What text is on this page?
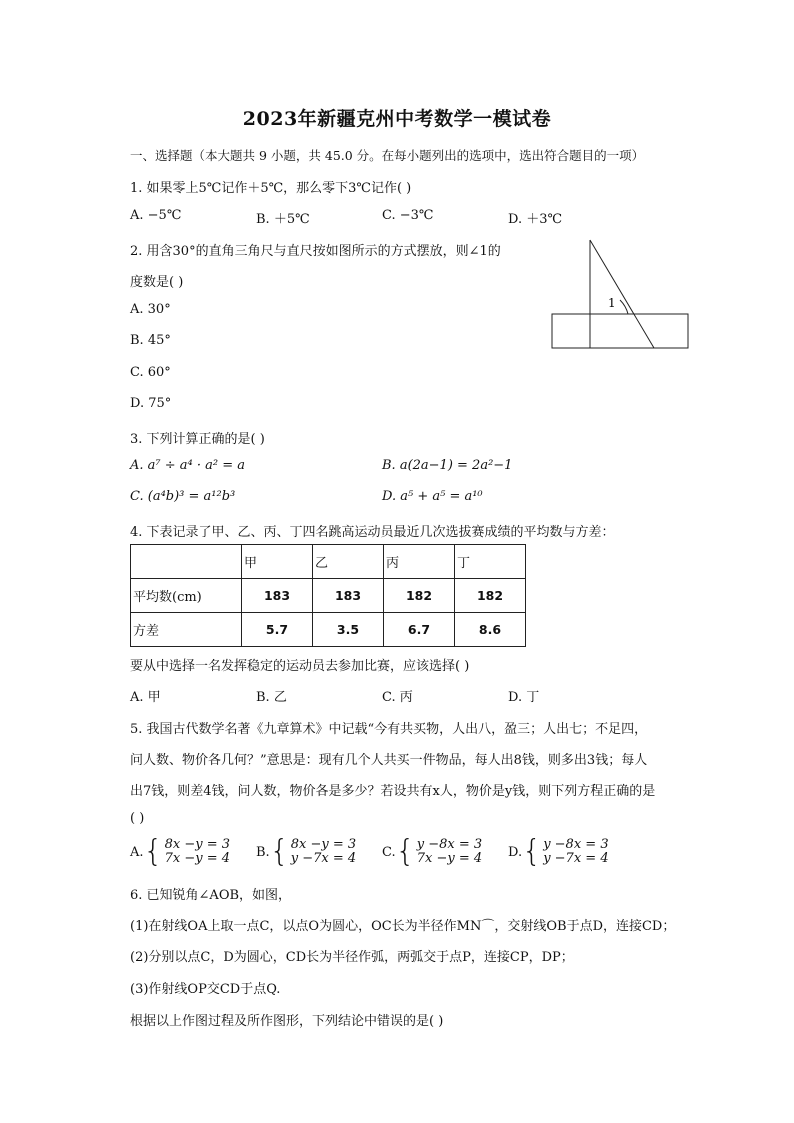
2023年新疆克州中考数学一模试卷
一、选择题（本大题共 9 小题，共 45.0 分。在每小题列出的选项中，选出符合题目的一项）
1. 如果零上5℃记作＋5℃，那么零下3℃记作( )
A. −5℃	B. ＋5℃	C. −3℃	D. ＋3℃
2. 用含30°的直角三角尺与直尺按如图所示的方式摆放，则∠1的
度数是( )
A. 30°
B. 45°
C. 60°
D. 75°
1
3. 下列计算正确的是( )
A. a⁷ ÷ a⁴ · a² = a	B. a(2a−1) = 2a²−1
C. (a⁴b)³ = a¹²b³	D. a⁵ + a⁵ = a¹⁰
4. 下表记录了甲、乙、丙、丁四名跳高运动员最近几次选拔赛成绩的平均数与方差：
	甲	乙	丙	丁
平均数(cm)	183	183	182	182
方差	5.7	3.5	6.7	8.6
要从中选择一名发挥稳定的运动员去参加比赛，应该选择( )
A. 甲	B. 乙	C. 丙	D. 丁
5. 我国古代数学名著《九章算术》中记载“今有共买物，人出八，盈三；人出七；不足四，
问人数、物价各几何？”意思是：现有几个人共买一件物品，每人出8钱，则多出3钱；每人
出7钱，则差4钱，问人数，物价各是多少？若设共有x人，物价是y钱，则下列方程正确的是
( )
A. { 8x −y = 3
7x −y = 4 B. { 8x −y = 3
y −7x = 4 C. { y −8x = 3
7x −y = 4 D. { y −8x = 3
y −7x = 4
6. 已知锐角∠AOB，如图，
(1)在射线OA上取一点C，以点O为圆心，OC长为半径作MN⌒，交射线OB于点D，连接CD；
(2)分别以点C，D为圆心，CD长为半径作弧，两弧交于点P，连接CP，DP；
(3)作射线OP交CD于点Q.
根据以上作图过程及所作图形，下列结论中错误的是( )
